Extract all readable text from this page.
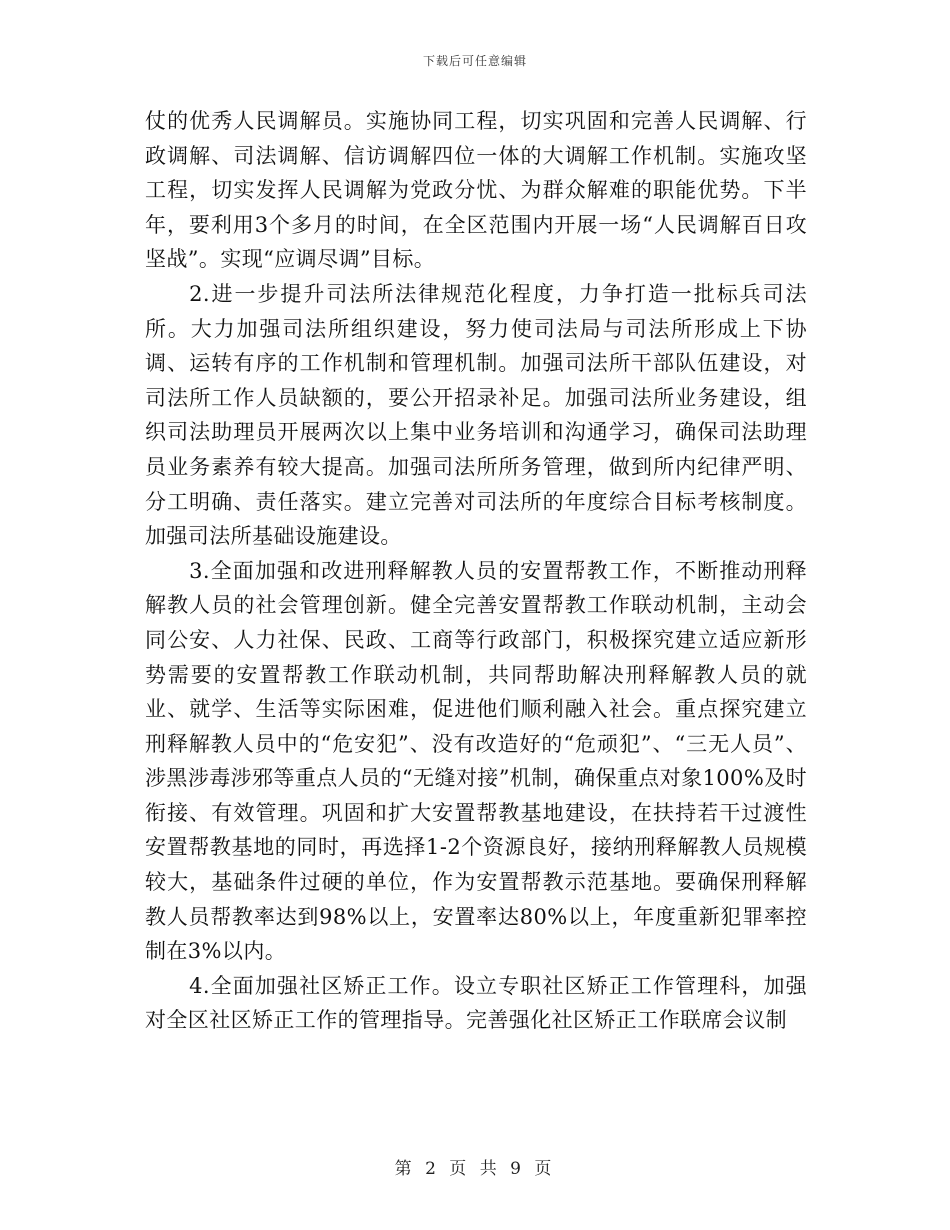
下载后可任意编辑

仗的优秀人民调解员。实施协同工程，切实巩固和完善人民调解、行政调解、司法调解、信访调解四位一体的大调解工作机制。实施攻坚工程，切实发挥人民调解为党政分忧、为群众解难的职能优势。下半年，要利用3个多月的时间，在全区范围内开展一场“人民调解百日攻坚战”。实现“应调尽调”目标。

2.进一步提升司法所法律规范化程度，力争打造一批标兵司法所。大力加强司法所组织建设，努力使司法局与司法所形成上下协调、运转有序的工作机制和管理机制。加强司法所干部队伍建设，对司法所工作人员缺额的，要公开招录补足。加强司法所业务建设，组织司法助理员开展两次以上集中业务培训和沟通学习，确保司法助理员业务素养有较大提高。加强司法所所务管理，做到所内纪律严明、分工明确、责任落实。建立完善对司法所的年度综合目标考核制度。加强司法所基础设施建设。

3.全面加强和改进刑释解教人员的安置帮教工作，不断推动刑释解教人员的社会管理创新。健全完善安置帮教工作联动机制，主动会同公安、人力社保、民政、工商等行政部门，积极探究建立适应新形势需要的安置帮教工作联动机制，共同帮助解决刑释解教人员的就业、就学、生活等实际困难，促进他们顺利融入社会。重点探究建立刑释解教人员中的“危安犯”、没有改造好的“危顽犯”、“三无人员”、涉黑涉毒涉邪等重点人员的“无缝对接”机制，确保重点对象100%及时衔接、有效管理。巩固和扩大安置帮教基地建设，在扶持若干过渡性安置帮教基地的同时，再选择1-2个资源良好，接纳刑释解教人员规模较大，基础条件过硬的单位，作为安置帮教示范基地。要确保刑释解教人员帮教率达到98%以上，安置率达80%以上，年度重新犯罪率控制在3%以内。

4.全面加强社区矫正工作。设立专职社区矫正工作管理科，加强对全区社区矫正工作的管理指导。完善强化社区矫正工作联席会议制

第 2 页 共 9 页
